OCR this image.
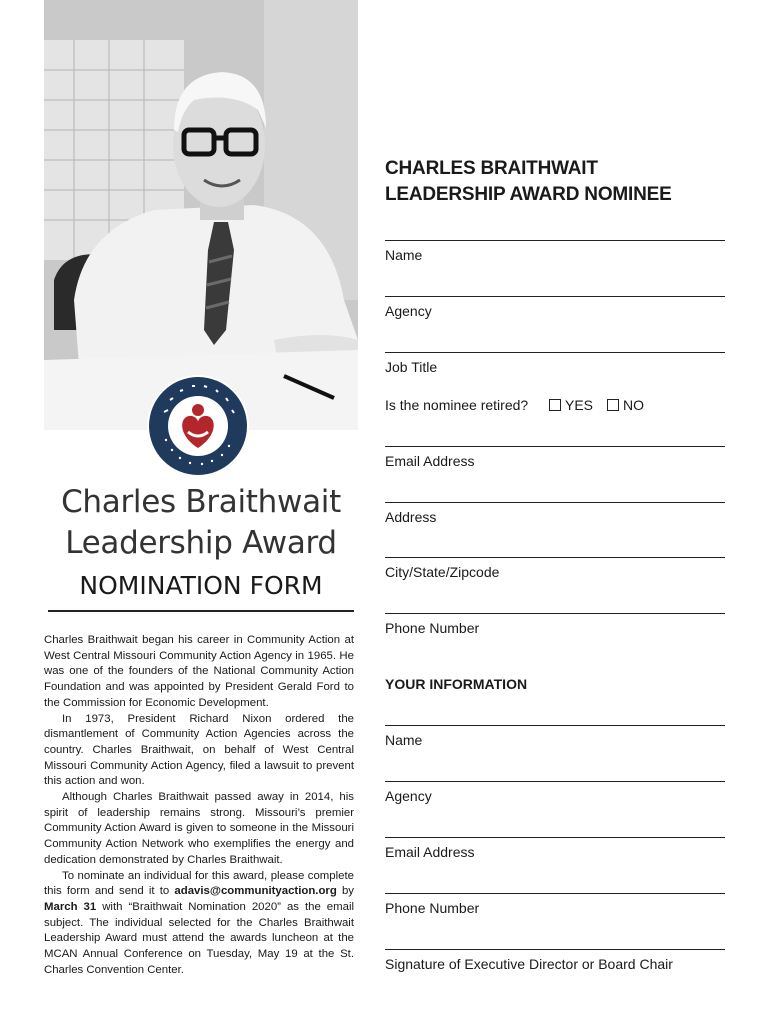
Charles Braithwait
Leadership Award
NOMINATION FORM

Charles Braithwait began his career in Community Action at West Central Missouri Community Action Agency in 1965. He was one of the founders of the National Community Action Foundation and was appointed by President Gerald Ford to the Commission for Economic Development.

In 1973, President Richard Nixon ordered the dismantlement of Community Action Agencies across the country. Charles Braithwait, on behalf of West Central Missouri Community Action Agency, filed a lawsuit to prevent this action and won.

Although Charles Braithwait passed away in 2014, his spirit of leadership remains strong. Missouri’s premier Community Action Award is given to someone in the Missouri Community Action Network who exemplifies the energy and dedication demonstrated by Charles Braithwait.

To nominate an individual for this award, please complete this form and send it to adavis@communityaction.org by March 31 with “Braithwait Nomination 2020” as the email subject. The individual selected for the Charles Braithwait Leadership Award must attend the awards luncheon at the MCAN Annual Conference on Tuesday, May 19 at the St. Charles Convention Center.

CHARLES BRAITHWAIT
LEADERSHIP AWARD NOMINEE
Name
Agency
Job Title
Is the nominee retired?	YES	NO
Email Address
Address
City/State/Zipcode
Phone Number
YOUR INFORMATION
Name
Agency
Email Address
Phone Number
Signature of Executive Director or Board Chair
